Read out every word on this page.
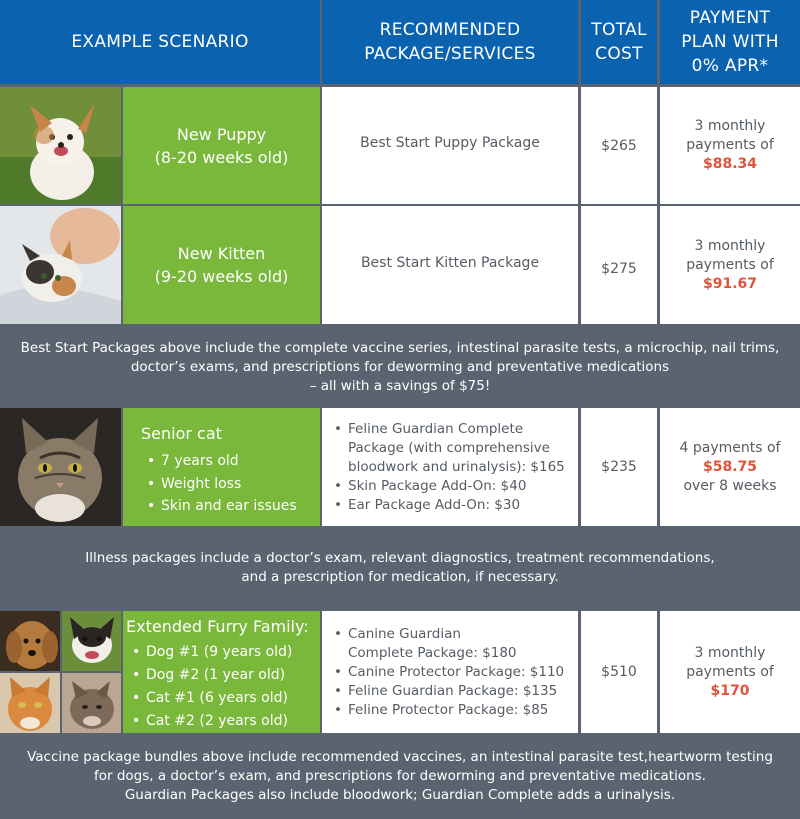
EXAMPLE SCENARIO
RECOMMENDED
PACKAGE/SERVICES
TOTAL
COST
PAYMENT
PLAN WITH
0% APR*
New Puppy
(8-20 weeks old)
Best Start Puppy Package	$265
3 monthly
payments of
$88.34
New Kitten
(9-20 weeks old)
Best Start Kitten Package	$275
3 monthly
payments of
$91.67
Best Start Packages above include the complete vaccine series, intestinal parasite tests, a microchip, nail trims,
doctor’s exams, and prescriptions for deworming and preventative medications
– all with a savings of $75!
Senior cat
• 7 years old
• Weight loss
• Skin and ear issues
• Feline Guardian Complete
Package (with comprehensive
bloodwork and urinalysis): $165
• Skin Package Add-On: $40
• Ear Package Add-On: $30
$235
4 payments of
$58.75
over 8 weeks
Illness packages include a doctor’s exam, relevant diagnostics, treatment recommendations,
and a prescription for medication, if necessary.
Extended Furry Family:
• Dog #1 (9 years old)
• Dog #2 (1 year old)
• Cat #1 (6 years old)
• Cat #2 (2 years old)
• Canine Guardian
Complete Package: $180
• Canine Protector Package: $110
• Feline Guardian Package: $135
• Feline Protector Package: $85
$510
3 monthly
payments of
$170
Vaccine package bundles above include recommended vaccines, an intestinal parasite test,heartworm testing
for dogs, a doctor’s exam, and prescriptions for deworming and preventative medications.
Guardian Packages also include bloodwork; Guardian Complete adds a urinalysis.
